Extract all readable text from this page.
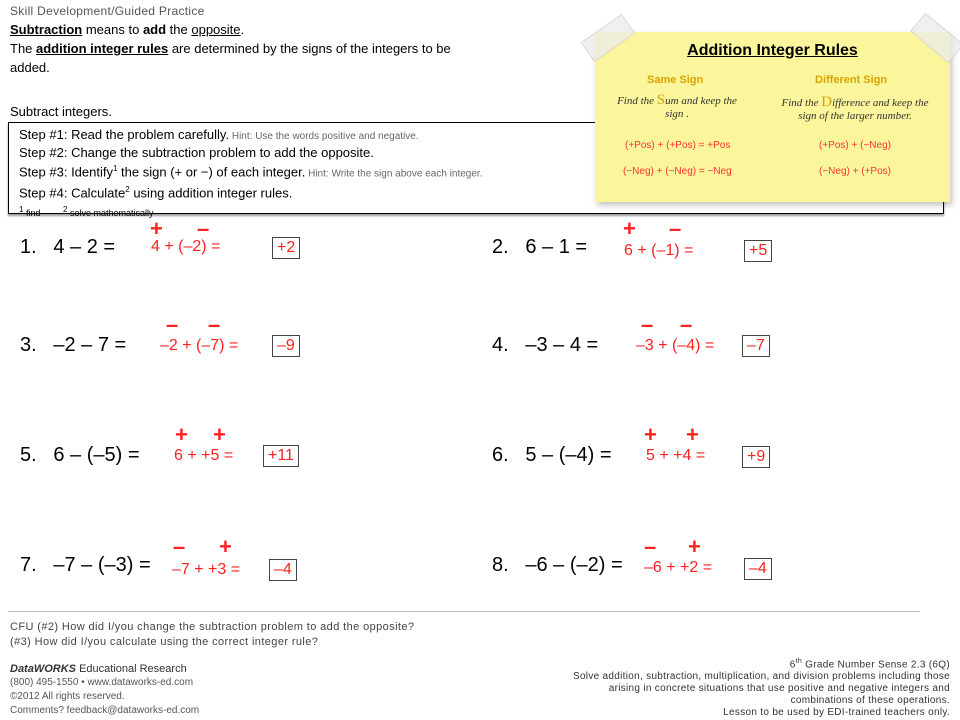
Skill Development/Guided Practice
Subtraction means to add the opposite.
The addition integer rules are determined by the signs of the integers to be added.
Subtract integers.
Step #1: Read the problem carefully. Hint: Use the words positive and negative.
Step #2: Change the subtraction problem to add the opposite.
Step #3: Identify$^1$ the sign (+ or −) of each integer. Hint: Write the sign above each integer.
Step #4: Calculate$^2$ using addition integer rules.
$^1$ find	$^2$ solve mathematically
Addition Integer Rules
Same Sign	Different Sign
Find the Sum and keep the sign .
Find the Difference and keep the sign of the larger number.
(+Pos) + (+Pos) = +Pos
(−Neg) + (−Neg) = −Neg
(+Pos) + (−Neg)
(−Neg) + (+Pos)
1. 4 – 2 =
+ –
4 + (–2) =	+2	2. 6 – 1 =
+ –
6 + (–1) =	+5
3. –2 – 7 =
– –
–2 + (–7) =	–9	4. –3 – 4 =
– –
–3 + (–4) =	–7
5. 6 – (–5) =
+ +
6 + +5 =	+11	6. 5 – (–4) =
+ +
5 + +4 =	+9
7. –7 – (–3) =
– +
–7 + +3 =	–4	8. –6 – (–2) =
– +
–6 + +2 =	–4
CFU (#2) How did I/you change the subtraction problem to add the opposite?
(#3) How did I/you calculate using the correct integer rule?
DataWORKS Educational Research
(800) 495-1550 • www.dataworks-ed.com
©2012 All rights reserved.
Comments? feedback@dataworks-ed.com
6th Grade Number Sense 2.3 (6Q)
Solve addition, subtraction, multiplication, and division problems including those arising in concrete situations that use positive and negative integers and combinations of these operations.
Lesson to be used by EDI-trained teachers only.
